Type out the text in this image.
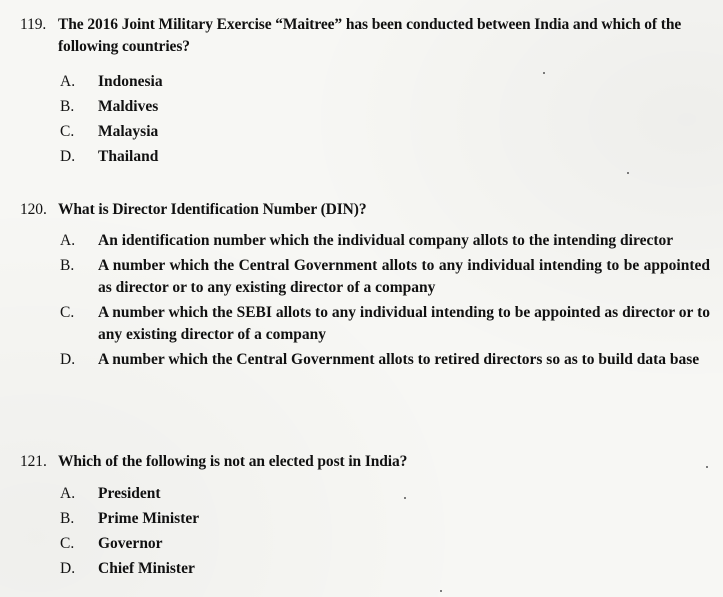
119. The 2016 Joint Military Exercise “Maitree” has been conducted between India and which of the following countries?
A.	Indonesia
B.	Maldives
C.	Malaysia
D.	Thailand
120. What is Director Identification Number (DIN)?
A.	An identification number which the individual company allots to the intending director
B.	A number which the Central Government allots to any individual intending to be appointed as director or to any existing director of a company
C.	A number which the SEBI allots to any individual intending to be appointed as director or to any existing director of a company
D.	A number which the Central Government allots to retired directors so as to build data base
121. Which of the following is not an elected post in India?
A.	President
B.	Prime Minister
C.	Governor
D.	Chief Minister
